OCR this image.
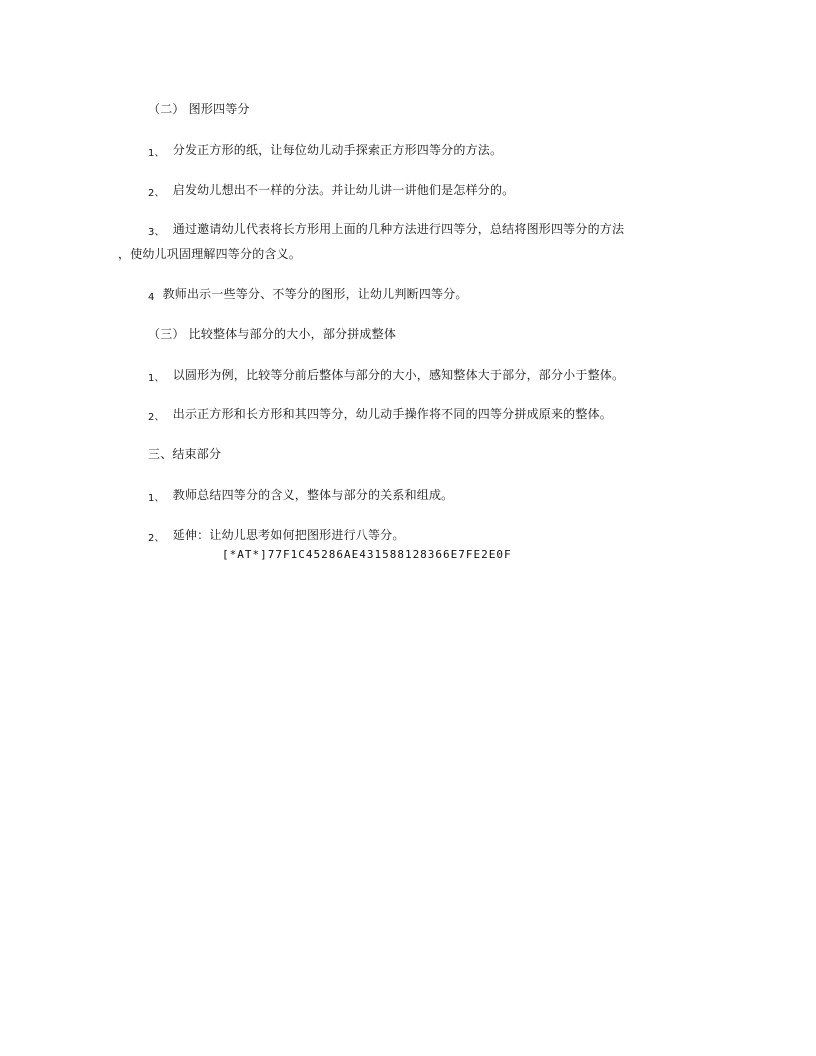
（二） 图形四等分
1、 分发正方形的纸，让每位幼儿动手探索正方形四等分的方法。
2、 启发幼儿想出不一样的分法。并让幼儿讲一讲他们是怎样分的。
3、 通过邀请幼儿代表将长方形用上面的几种方法进行四等分，总结将图形四等分的方法
，使幼儿巩固理解四等分的含义。
4 教师出示一些等分、不等分的图形，让幼儿判断四等分。
（三） 比较整体与部分的大小，部分拼成整体
1、 以圆形为例，比较等分前后整体与部分的大小，感知整体大于部分，部分小于整体。
2、 出示正方形和长方形和其四等分，幼儿动手操作将不同的四等分拼成原来的整体。
三、结束部分
1、 教师总结四等分的含义，整体与部分的关系和组成。
2、 延伸：让幼儿思考如何把图形进行八等分。
[*AT*]77F1C45286AE431588128366E7FE2E0F
